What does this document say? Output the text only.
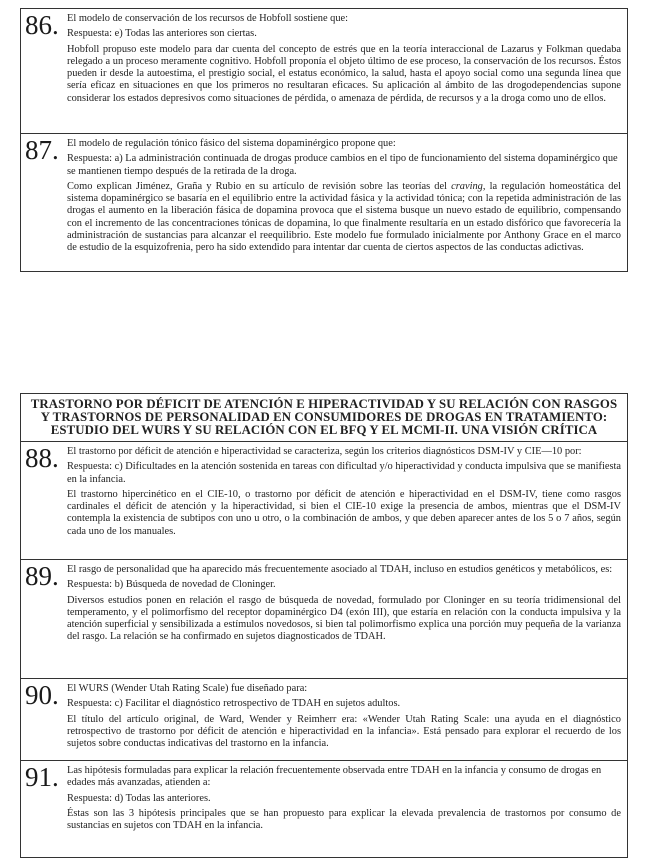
86. El modelo de conservación de los recursos de Hobfoll sostiene que:

Respuesta: e) Todas las anteriores son ciertas.

Hobfoll propuso este modelo para dar cuenta del concepto de estrés que en la teoría interaccional de Lazarus y Folkman quedaba relegado a un proceso meramente cognitivo. Hobfoll proponía el objeto último de ese proceso, la conservación de los recursos. Éstos pueden ir desde la autoestima, el prestigio social, el estatus económico, la salud, hasta el apoyo social como una segunda línea que sería eficaz en situaciones en que los primeros no resultaran eficaces. Su aplicación al ámbito de las drogodependencias supone considerar los estados depresivos como situaciones de pérdida, o amenaza de pérdida, de recursos y a la droga como uno de ellos.

87. El modelo de regulación tónico fásico del sistema dopaminérgico propone que:

Respuesta: a) La administración continuada de drogas produce cambios en el tipo de funcionamiento del sistema dopaminérgico que se mantienen tiempo después de la retirada de la droga.

Como explican Jiménez, Graña y Rubio en su artículo de revisión sobre las teorías del craving, la regulación homeostática del sistema dopaminérgico se basaría en el equilibrio entre la actividad fásica y la actividad tónica; con la repetida administración de las drogas el aumento en la liberación fásica de dopamina provoca que el sistema busque un nuevo estado de equilibrio, compensando con el incremento de las concentraciones tónicas de dopamina, lo que finalmente resultaría en un estado disfórico que favorecería la administración de sustancias para alcanzar el reequilibrio. Este modelo fue formulado inicialmente por Anthony Grace en el marco de estudio de la esquizofrenia, pero ha sido extendido para intentar dar cuenta de ciertos aspectos de las conductas adictivas.

TRASTORNO POR DÉFICIT DE ATENCIÓN E HIPERACTIVIDAD Y SU RELACIÓN CON RASGOS Y TRASTORNOS DE PERSONALIDAD EN CONSUMIDORES DE DROGAS EN TRATAMIENTO: ESTUDIO DEL WURS Y SU RELACIÓN CON EL BFQ Y EL MCMI-II. UNA VISIÓN CRÍTICA
88. El trastorno por déficit de atención e hiperactividad se caracteriza, según los criterios diagnósticos DSM-IV y CIE—10 por:

Respuesta: c) Dificultades en la atención sostenida en tareas con dificultad y/o hiperactividad y conducta impulsiva que se manifiesta en la infancia.

El trastorno hipercinético en el CIE-10, o trastorno por déficit de atención e hiperactividad en el DSM-IV, tiene como rasgos cardinales el déficit de atención y la hiperactividad, si bien el CIE-10 exige la presencia de ambos, mientras que el DSM-IV contempla la existencia de subtipos con uno u otro, o la combinación de ambos, y que deben aparecer antes de los 5 o 7 años, según cada uno de los manuales.

89. El rasgo de personalidad que ha aparecido más frecuentemente asociado al TDAH, incluso en estudios genéticos y metabólicos, es:

Respuesta: b) Búsqueda de novedad de Cloninger.

Diversos estudios ponen en relación el rasgo de búsqueda de novedad, formulado por Cloninger en su teoría tridimensional del temperamento, y el polimorfismo del receptor dopaminérgico D4 (exón III), que estaría en relación con la conducta impulsiva y la atención superficial y sensibilizada a estímulos novedosos, si bien tal polimorfismo explica una porción muy pequeña de la varianza del rasgo. La relación se ha confirmado en sujetos diagnosticados de TDAH.

90. El WURS (Wender Utah Rating Scale) fue diseñado para:

Respuesta: c) Facilitar el diagnóstico retrospectivo de TDAH en sujetos adultos.

El título del artículo original, de Ward, Wender y Reimherr era: «Wender Utah Rating Scale: una ayuda en el diagnóstico retrospectivo de trastorno por déficit de atención e hiperactividad en la infancia». Está pensado para explorar el recuerdo de los sujetos sobre conductas indicativas del trastorno en la infancia.

91. Las hipótesis formuladas para explicar la relación frecuentemente observada entre TDAH en la infancia y consumo de drogas en edades más avanzadas, atienden a:

Respuesta: d) Todas las anteriores.

Éstas son las 3 hipótesis principales que se han propuesto para explicar la elevada prevalencia de trastornos por consumo de sustancias en sujetos con TDAH en la infancia.
